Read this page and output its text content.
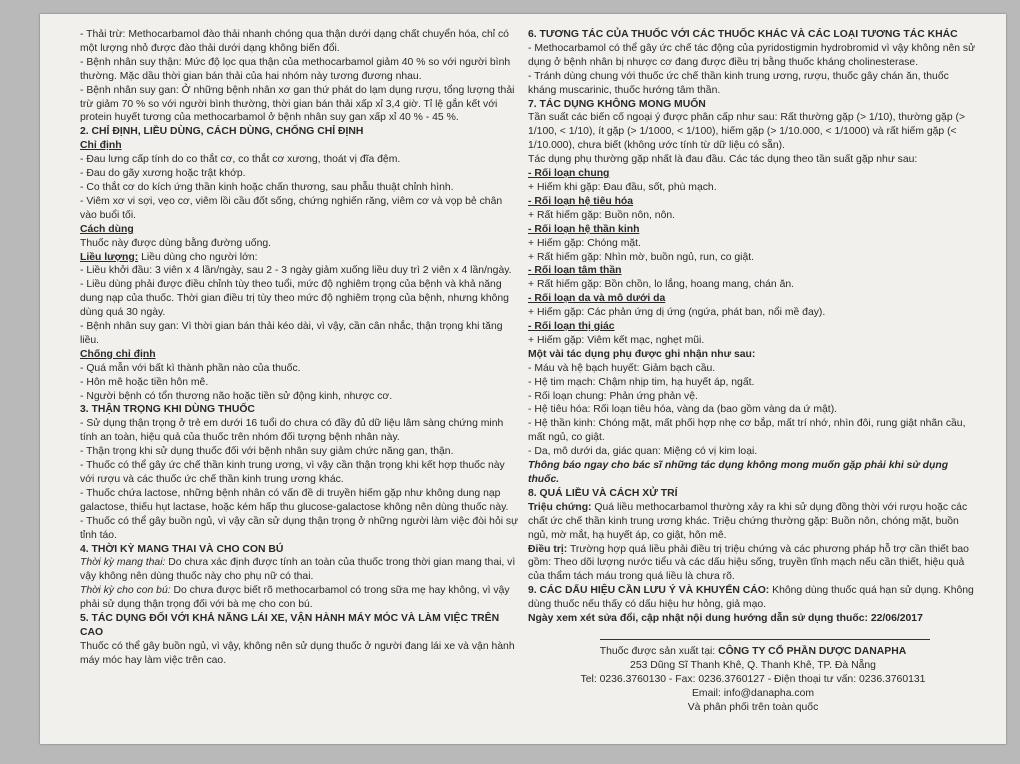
- Thải trừ: Methocarbamol đào thải nhanh chóng qua thận dưới dạng chất chuyển hóa, chỉ có một lượng nhỏ được đào thải dưới dạng không biến đổi.
- Bệnh nhân suy thận: Mức độ lọc qua thận của methocarbamol giảm 40 % so với người bình thường. Mặc dầu thời gian bán thải của hai nhóm này tương đương nhau.
- Bệnh nhân suy gan: Ở những bệnh nhân xơ gan thứ phát do lạm dụng rượu, tổng lượng thải trừ giảm 70 % so với người bình thường, thời gian bán thải xấp xỉ 3,4 giờ. Tỉ lệ gắn kết với protein huyết tương của methocarbamol ở bệnh nhân suy gan xấp xỉ 40 % - 45 %.
2. CHỈ ĐỊNH, LIỀU DÙNG, CÁCH DÙNG, CHỐNG CHỈ ĐỊNH
Chỉ định
- Đau lưng cấp tính do co thắt cơ, co thắt cơ xương, thoát vị đĩa đệm.
- Đau do gãy xương hoặc trật khớp.
- Co thắt cơ do kích ứng thần kinh hoặc chấn thương, sau phẫu thuật chỉnh hình.
- Viêm xơ vi sợi, vẹo cơ, viêm lồi cầu đốt sống, chứng nghiến răng, viêm cơ và vọp bẻ chân vào buổi tối.
Cách dùng
Thuốc này được dùng bằng đường uống.
Liều lượng: Liều dùng cho người lớn:
- Liều khởi đầu: 3 viên x 4 lần/ngày, sau 2 - 3 ngày giảm xuống liều duy trì 2 viên x 4 lần/ngày.
- Liều dùng phải được điều chỉnh tùy theo tuổi, mức độ nghiêm trọng của bệnh và khả năng dung nạp của thuốc. Thời gian điều trị tùy theo mức độ nghiêm trọng của bệnh, nhưng không dùng quá 30 ngày.
- Bệnh nhân suy gan: Vì thời gian bán thải kéo dài, vì vậy, cần cân nhắc, thận trọng khi tăng liều.
Chống chỉ định
- Quá mẫn với bất kì thành phần nào của thuốc.
- Hôn mê hoặc tiền hôn mê.
- Người bệnh có tổn thương não hoặc tiền sử động kinh, nhược cơ.
3. THẬN TRỌNG KHI DÙNG THUỐC
- Sử dụng thận trọng ở trẻ em dưới 16 tuổi do chưa có đầy đủ dữ liệu lâm sàng chứng minh tính an toàn, hiệu quả của thuốc trên nhóm đối tượng bệnh nhân này.
- Thận trọng khi sử dụng thuốc đối với bệnh nhân suy giảm chức năng gan, thận.
- Thuốc có thể gây ức chế thần kinh trung ương, vì vậy cần thận trọng khi kết hợp thuốc này với rượu và các thuốc ức chế thần kinh trung ương khác.
- Thuốc chứa lactose, những bệnh nhân có vấn đề di truyền hiếm gặp như không dung nạp galactose, thiếu hụt lactase, hoặc kém hấp thu glucose-galactose không nên dùng thuốc này.
- Thuốc có thể gây buồn ngủ, vì vậy cần sử dụng thận trọng ở những người làm việc đòi hỏi sự tỉnh táo.
4. THỜI KỲ MANG THAI VÀ CHO CON BÚ
Thời kỳ mang thai: Do chưa xác định được tính an toàn của thuốc trong thời gian mang thai, vì vậy không nên dùng thuốc này cho phụ nữ có thai.
Thời kỳ cho con bú: Do chưa được biết rõ methocarbamol có trong sữa mẹ hay không, vì vậy phải sử dụng thận trọng đối với bà mẹ cho con bú.
5. TÁC DỤNG ĐỐI VỚI KHẢ NĂNG LÁI XE, VẬN HÀNH MÁY MÓC VÀ LÀM VIỆC TRÊN CAO
Thuốc có thể gây buồn ngủ, vì vậy, không nên sử dụng thuốc ở người đang lái xe và vận hành máy móc hay làm việc trên cao.
6. TƯƠNG TÁC CỦA THUỐC VỚI CÁC THUỐC KHÁC VÀ CÁC LOẠI TƯƠNG TÁC KHÁC
- Methocarbamol có thể gây ức chế tác động của pyridostigmin hydrobromid vì vậy không nên sử dụng ở bệnh nhân bị nhược cơ đang được điều trị bằng thuốc kháng cholinesterase.
- Tránh dùng chung với thuốc ức chế thần kinh trung ương, rượu, thuốc gây chán ăn, thuốc kháng muscarinic, thuốc hướng tâm thần.
7. TÁC DỤNG KHÔNG MONG MUỐN
Tần suất các biến cố ngoại ý được phân cấp như sau: Rất thường gặp (> 1/10), thường gặp (> 1/100, < 1/10), ít gặp (> 1/1000, < 1/100), hiếm gặp (> 1/10.000, < 1/1000) và rất hiếm gặp (< 1/10.000), chưa biết (không ước tính từ dữ liệu có sẵn).
Tác dụng phụ thường gặp nhất là đau đầu. Các tác dụng theo tần suất gặp như sau:
- Rối loạn chung
+ Hiếm khi gặp: Đau đầu, sốt, phù mạch.
- Rối loạn hệ tiêu hóa
+ Rất hiếm gặp: Buồn nôn, nôn.
- Rối loạn hệ thần kinh
+ Hiếm gặp: Chóng mặt.
+ Rất hiếm gặp: Nhìn mờ, buồn ngủ, run, co giật.
- Rối loạn tâm thần
+ Rất hiếm gặp: Bồn chồn, lo lắng, hoang mang, chán ăn.
- Rối loạn da và mô dưới da
+ Hiếm gặp: Các phản ứng dị ứng (ngứa, phát ban, nổi mề đay).
- Rối loạn thị giác
+ Hiếm gặp: Viêm kết mạc, nghẹt mũi.
Một vài tác dụng phụ được ghi nhận như sau:
- Máu và hệ bạch huyết: Giảm bạch cầu.
- Hệ tim mạch: Chậm nhịp tim, hạ huyết áp, ngất.
- Rối loạn chung: Phản ứng phản vệ.
- Hệ tiêu hóa: Rối loạn tiêu hóa, vàng da (bao gồm vàng da ứ mật).
- Hệ thần kinh: Chóng mặt, mất phối hợp nhẹ cơ bắp, mất trí nhớ, nhìn đôi, rung giật nhãn cầu, mất ngủ, co giật.
- Da, mô dưới da, giác quan: Miệng có vị kim loại.
Thông báo ngay cho bác sĩ những tác dụng không mong muốn gặp phải khi sử dụng thuốc.
8. QUÁ LIỀU VÀ CÁCH XỬ TRÍ
Triệu chứng: Quá liều methocarbamol thường xảy ra khi sử dụng đồng thời với rượu hoặc các chất ức chế thần kinh trung ương khác. Triệu chứng thường gặp: Buồn nôn, chóng mặt, buồn ngủ, mờ mắt, hạ huyết áp, co giật, hôn mê.
Điều trị: Trường hợp quá liều phải điều trị triệu chứng và các phương pháp hỗ trợ cần thiết bao gồm: Theo dõi lượng nước tiểu và các dấu hiệu sống, truyền tĩnh mạch nếu cần thiết, hiệu quả của thẩm tách máu trong quá liều là chưa rõ.
9. CÁC DẤU HIỆU CẦN LƯU Ý VÀ KHUYẾN CÁO: Không dùng thuốc quá hạn sử dụng. Không dùng thuốc nếu thấy có dấu hiệu hư hỏng, giả mạo.
Ngày xem xét sửa đổi, cập nhật nội dung hướng dẫn sử dụng thuốc: 22/06/2017
Thuốc được sản xuất tại: CÔNG TY CỔ PHẦN DƯỢC DANAPHA
253 Dũng Sĩ Thanh Khê, Q. Thanh Khê, TP. Đà Nẵng
Tel: 0236.3760130 - Fax: 0236.3760127 - Điện thoại tư vấn: 0236.3760131
Email: info@danapha.com
Và phân phối trên toàn quốc
